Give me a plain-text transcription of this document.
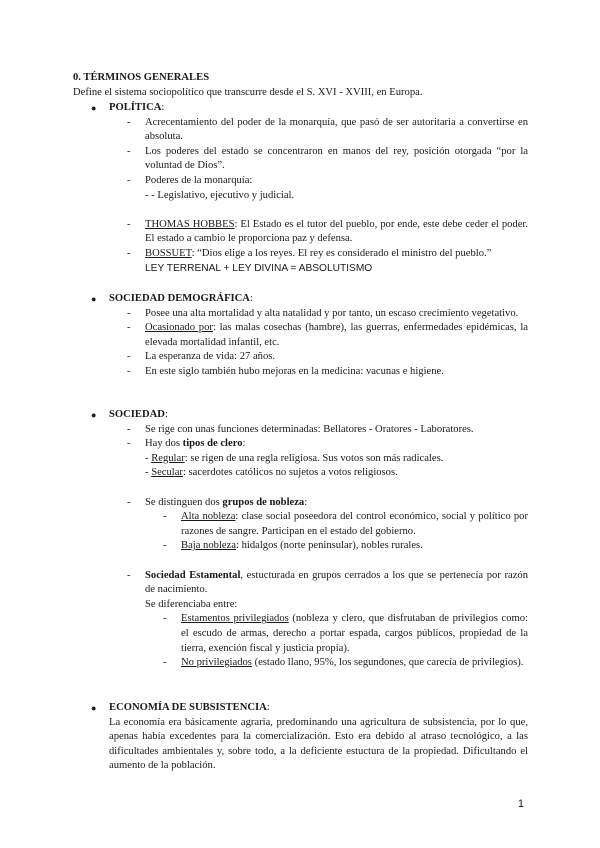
0. TÉRMINOS GENERALES
Define el sistema sociopolítico que transcurre desde el S. XVI - XVIII, en Europa.
● POLÍTICA:
- Acrecentamiento del poder de la monarquía, que pasó de ser autoritaria a convertirse en absoluta.
- Los poderes del estado se concentraron en manos del rey, posición otorgada “por la voluntad de Dios”.
- Poderes de la monarquía:
- - Legislativo, ejecutivo y judicial.
- THOMAS HOBBES: El Estado es el tutor del pueblo, por ende, este debe ceder el poder. El estado a cambio le proporciona paz y defensa.
- BOSSUET: “Dios elige a los reyes. El rey es considerado el ministro del pueblo.”
LEY TERRENAL + LEY DIVINA = ABSOLUTISMO
● SOCIEDAD DEMOGRÁFICA:
- Posee una alta mortalidad y alta natalidad y por tanto, un escaso crecimiento vegetativo.
- Ocasionado por: las malas cosechas (hambre), las guerras, enfermedades epidémicas, la elevada mortalidad infantil, etc.
- La esperanza de vida: 27 años.
- En este siglo también hubo mejoras en la medicina: vacunas e higiene.
● SOCIEDAD:
- Se rige con unas funciones determinadas: Bellatores - Oratores - Laboratores.
- Hay dos tipos de clero:
- Regular: se rigen de una regla religiosa. Sus votos son más radicales.
- Secular: sacerdotes católicos no sujetos a votos religiosos.
- Se distinguen dos grupos de nobleza:
- Alta nobleza: clase social poseedora del control económico, social y político por razones de sangre. Participan en el estado del gobierno.
- Baja nobleza: hidalgos (norte peninsular), nobles rurales.
- Sociedad Estamental, estucturada en grupos cerrados a los que se pertenecía por razón de nacimiento.
Se diferenciaba entre:
- Estamentos privilegiados (nobleza y clero, que disfrutaban de privilegios como: el escudo de armas, derecho a portar espada, cargos públicos, propiedad de la tierra, exención fiscal y justicia propia).
- No privilegiados (estado llano, 95%, los segundones, que carecía de privilegios).
● ECONOMÍA DE SUBSISTENCIA:
La economía era básicamente agraria, predominando una agricultura de subsistencia, por lo que, apenas había excedentes para la comercialización. Esto era debido al atraso tecnológico, a las dificultades ambientales y, sobre todo, a la deficiente estuctura de la propiedad. Dificultando el aumento de la población.
1
